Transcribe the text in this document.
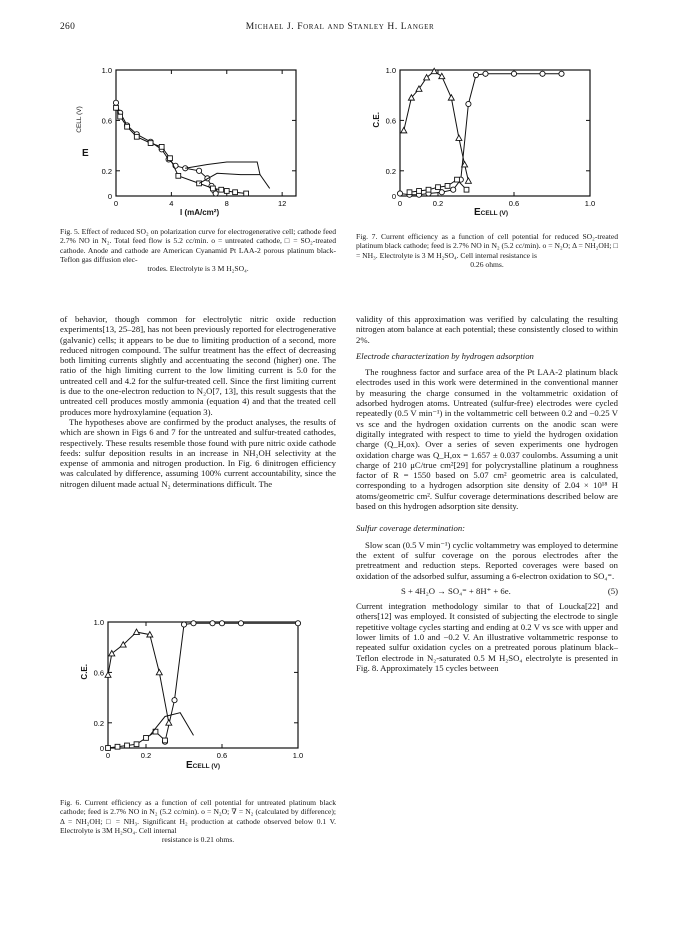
260	Michael J. Foral and Stanley H. Langer
0
0.2
0.6
1.0
0	4	8	12
E
CELL (V)
I (mA/cm²)
0
0.2
0.6
1.0
0	0.2	0.6	1.0
C.E.
ECELL (V)
Fig. 5. Effect of reduced SO₂ on polarization curve for electrogenerative cell; cathode feed 2.7% NO in N₂. Total feed flow is 5.2 cc/min. o = untreated cathode, □ = SO₂-treated cathode. Anode and cathode are American Cyanamid Pt LAA-2 porous platinum black-Teflon gas diffusion elec-
trodes. Electrolyte is 3 M H₂SO₄.
Fig. 7. Current efficiency as a function of cell potential for reduced SO₂-treated platinum black cathode; feed is 2.7% NO in N₂ (5.2 cc/min). o = N₂O; Δ = NH₂OH; □ = NH₃. Electrolyte is 3 M H₂SO₄. Cell internal resistance is
0.26 ohms.

of behavior, though common for electrolytic nitric oxide reduction experiments[13, 25–28], has not been previously reported for electrogenerative (galvanic) cells; it appears to be due to limiting production of a second, more reduced nitrogen compound. The sulfur treatment has the effect of decreasing both limiting currents slightly and accentuating the second (higher) one. The ratio of the high limiting current to the low limiting current is 5.0 for the untreated cell and 4.2 for the sulfur-treated cell. Since the first limiting current is due to the one-electron reduction to N₂O[7, 13], this result suggests that the untreated cell produces mostly ammonia (equation 4) and that the treated cell produces more hydroxylamine (equation 3).

The hypotheses above are confirmed by the product analyses, the results of which are shown in Figs 6 and 7 for the untreated and sulfur-treated cathodes, respectively. These results resemble those found with pure nitric oxide cathode feeds: sulfur deposition results in an increase in NH₂OH selectivity at the expense of ammonia and nitrogen production. In Fig. 6 dinitrogen efficiency was calculated by difference, assuming 100% current accountability, since the nitrogen diluent made actual N₂ determinations difficult. The

0
0.2
0.6
1.0
0	0.2	0.6	1.0
C.E.
ECELL (V)
Fig. 6. Current efficiency as a function of cell potential for untreated platinum black cathode; feed is 2.7% NO in N₂ (5.2 cc/min). o = N₂O; ∇ = N₂ (calculated by difference); Δ = NH₂OH; □ = NH₃. Significant H₂ production at cathode observed below 0.1 V. Electrolyte is 3M H₂SO₄. Cell internal
resistance is 0.21 ohms.

validity of this approximation was verified by calculating the resulting nitrogen atom balance at each potential; these consistently closed to within 2%.

Electrode characterization by hydrogen adsorption

The roughness factor and surface area of the Pt LAA-2 platinum black electrodes used in this work were determined in the conventional manner by measuring the charge consumed in the voltammetric oxidation of adsorbed hydrogen atoms. Untreated (sulfur-free) electrodes were cycled repeatedly (0.5 V min⁻¹) in the voltammetric cell between 0.2 and −0.25 V vs sce and the hydrogen oxidation currents on the anodic scan were digitally integrated with respect to time to yield the hydrogen oxidation charge (Q_H,ox). Over a series of seven experiments one hydrogen oxidation charge was Q_H,ox = 1.657 ± 0.037 coulombs. Assuming a unit charge of 210 μC/true cm²[29] for polycrystalline platinum a roughness factor of R = 1550 based on 5.07 cm² geometric area is calculated, corresponding to a hydrogen adsorption site density of 2.04 × 10¹⁸ H atoms/geometric cm². Sulfur coverage determinations described below are based on this hydrogen adsorption site density.

Sulfur coverage determination:

Slow scan (0.5 V min⁻¹) cyclic voltammetry was employed to determine the extent of sulfur coverage on the porous electrodes after the pretreatment and reduction steps. Reported coverages were based on oxidation of the adsorbed sulfur, assuming a 6-electron oxidation to SO₄⁼.

S + 4H₂O → SO₄⁼ + 8H⁺ + 6e.	(5)

Current integration methodology similar to that of Loucka[22] and others[12] was employed. It consisted of subjecting the electrode to single repetitive voltage cycles starting and ending at 0.2 V vs sce with upper and lower limits of 1.0 and −0.2 V. An illustrative voltammetric response to repeated sulfur oxidation cycles on a pretreated porous platinum black–Teflon electrode in N₂-saturated 0.5 M H₂SO₄ electrolyte is presented in Fig. 8. Approximately 15 cycles between
